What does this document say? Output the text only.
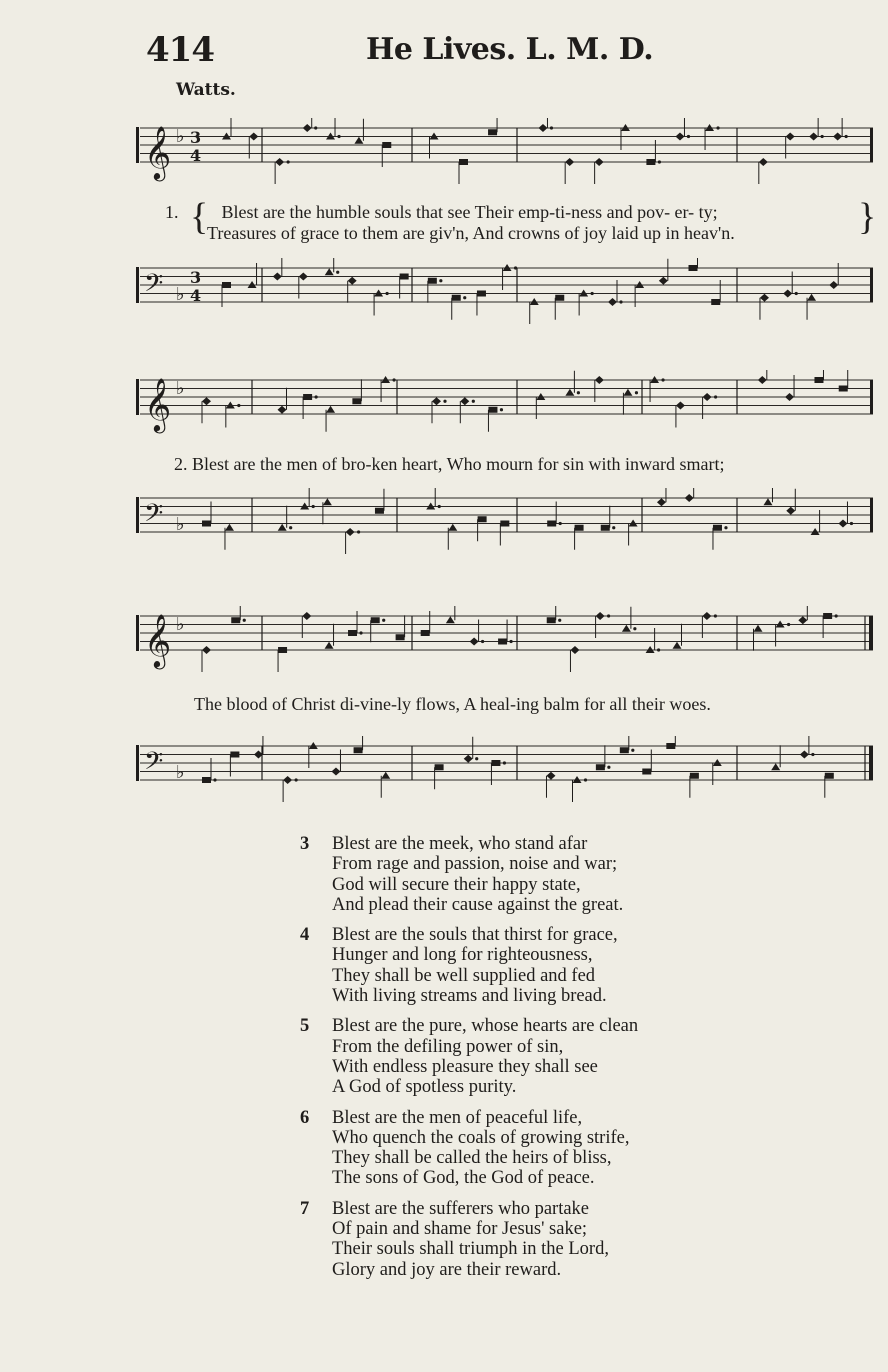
414	He Lives. L. M. D.
Watts.
𝄞 ♭ 3
4
𝄢 ♭
3
4
1. Blest are the humble souls that see Their emp-ti-ness and pov- er- ty;
Treasures of grace to them are giv'n, And crowns of joy laid up in heav'n.
{	}
𝄞 ♭
𝄢 ♭
2. Blest are the men of bro-ken heart, Who mourn for sin with inward smart;
𝄞 ♭
𝄢 ♭
The blood of Christ di-vine-ly flows, A heal-ing balm for all their woes.
3	Blest are the meek, who stand afar
From rage and passion, noise and war;
God will secure their happy state,
And plead their cause against the great.
4	Blest are the souls that thirst for grace,
Hunger and long for righteousness,
They shall be well supplied and fed
With living streams and living bread.
5	Blest are the pure, whose hearts are clean
From the defiling power of sin,
With endless pleasure they shall see
A God of spotless purity.
6	Blest are the men of peaceful life,
Who quench the coals of growing strife,
They shall be called the heirs of bliss,
The sons of God, the God of peace.
7	Blest are the sufferers who partake
Of pain and shame for Jesus' sake;
Their souls shall triumph in the Lord,
Glory and joy are their reward.
